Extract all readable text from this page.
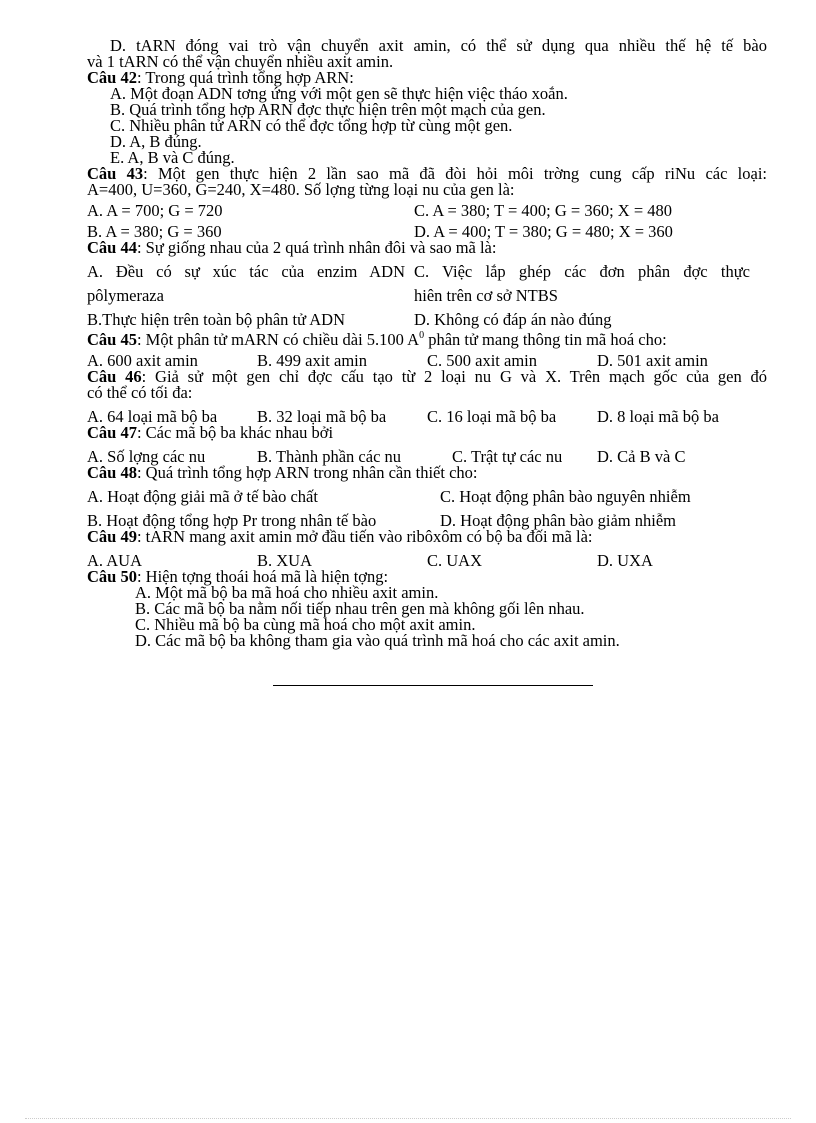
D. tARN đóng vai trò vận chuyển axit amin, có thể sử dụng qua nhiều thế hệ tế bào
và 1 tARN có thể vận chuyển nhiều axit amin.
Câu 42: Trong quá trình tổng hợp ARN:
A. Một đoạn ADN tơng ứng với một gen sẽ thực hiện việc tháo xoắn.
B. Quá trình tổng hợp ARN đợc thực hiện trên một mạch của gen.
C. Nhiều phân tử ARN có thể đợc tổng hợp từ cùng một gen.
D. A, B đúng.
E. A, B và C đúng.
Câu 43: Một gen thực hiện 2 lần sao mã đã đòi hỏi môi trờng cung cấp riNu các loại:
A=400, U=360, G=240, X=480. Số lợng từng loại nu của gen là:
A. A = 700; G = 720	C. A = 380; T = 400; G = 360; X = 480
B. A = 380; G = 360	D. A = 400; T = 380; G = 480; X = 360
Câu 44: Sự giống nhau của 2 quá trình nhân đôi và sao mã là:
A. Đều có sự xúc tác của enzim ADN C. Việc lắp ghép các đơn phân đợc thực
pôlymeraza	hiên trên cơ sở NTBS
B.Thực hiện trên toàn bộ phân tử ADN	D. Không có đáp án nào đúng
Câu 45: Một phân tử mARN có chiều dài 5.100 $A^0$ phân tử mang thông tin mã hoá cho:
A. 600 axit amin	B. 499 axit amin	C. 500 axit amin	D. 501 axit amin
Câu 46: Giả sử một gen chỉ đợc cấu tạo từ 2 loại nu G và X. Trên mạch gốc của gen đó
có thể có tối đa:
A. 64 loại mã bộ ba	B. 32 loại mã bộ ba	C. 16 loại mã bộ ba	D. 8 loại mã bộ ba
Câu 47: Các mã bộ ba khác nhau bởi
A. Số lợng các nu	B. Thành phần các nu	C. Trật tự các nu	D. Cả B và C
Câu 48: Quá trình tổng hợp ARN trong nhân cần thiết cho:
A. Hoạt động giải mã ở tế bào chất	C. Hoạt động phân bào nguyên nhiễm
B. Hoạt động tổng hợp Pr trong nhân tế bào	D. Hoạt động phân bào giảm nhiễm
Câu 49: tARN mang axit amin mở đầu tiến vào ribôxôm có bộ ba đối mã là:
A. AUA	B. XUA	C. UAX	D. UXA
Câu 50: Hiện tợng thoái hoá mã là hiện tợng:
A. Một mã bộ ba mã hoá cho nhiều axit amin.
B. Các mã bộ ba nằm nối tiếp nhau trên gen mà không gối lên nhau.
C. Nhiều mã bộ ba cùng mã hoá cho một axit amin.
D. Các mã bộ ba không tham gia vào quá trình mã hoá cho các axit amin.
